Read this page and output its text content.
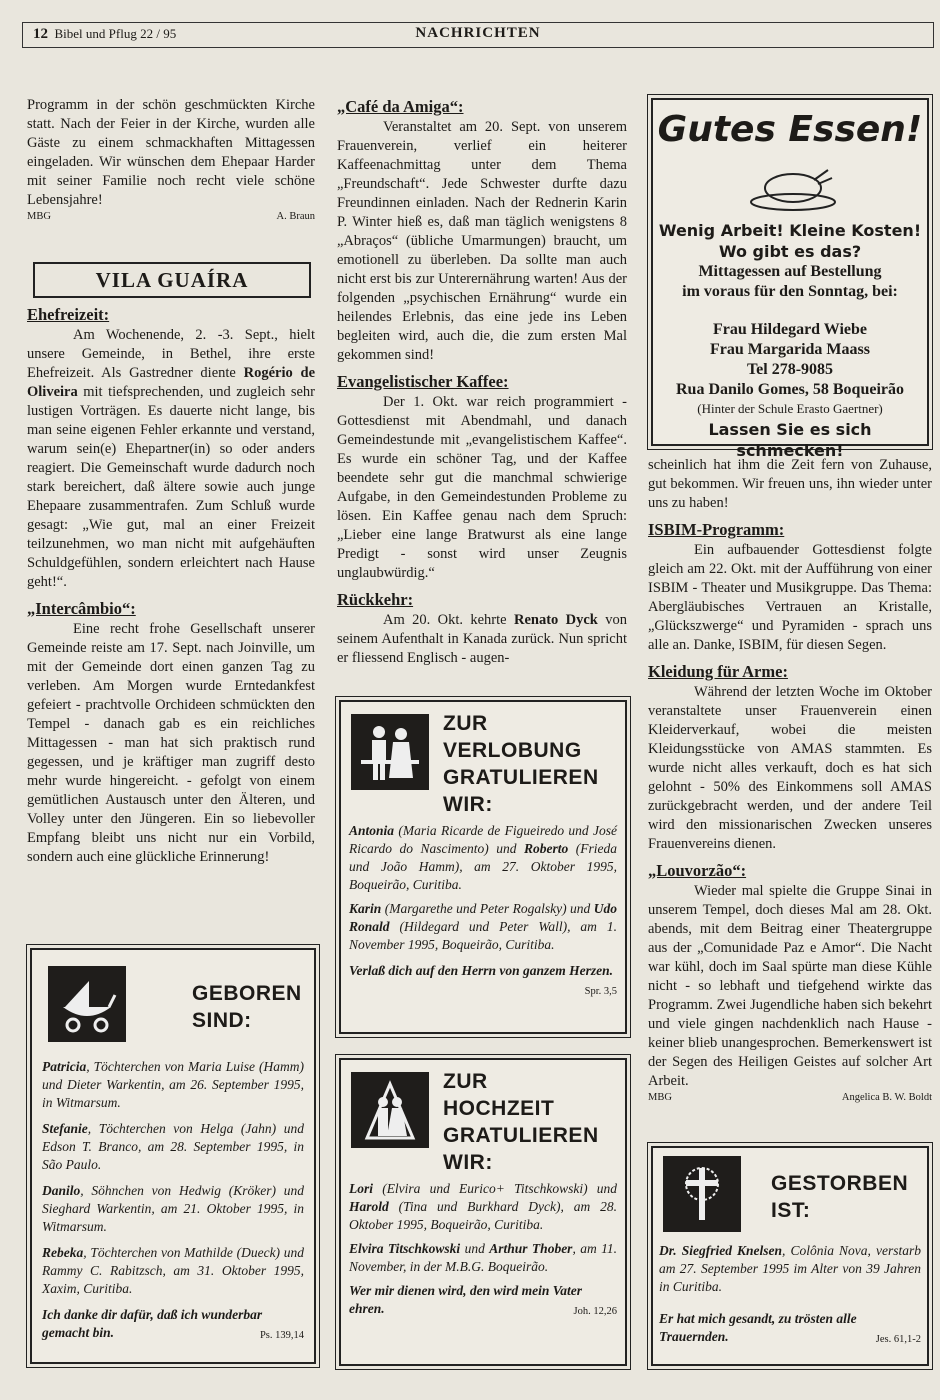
12 Bibel und Pflug 22 / 95	NACHRICHTEN

Programm in der schön geschmückten Kirche statt. Nach der Feier in der Kirche, wurden alle Gäste zu einem schmackhaften Mittagessen eingeladen. Wir wünschen dem Ehepaar Harder mit seiner Familie noch recht viele schöne Lebensjahre!

MBG	A. Braun
VILA GUAÍRA
Ehefreizeit:

Am Wochenende, 2. -3. Sept., hielt unsere Gemeinde, in Bethel, ihre erste Ehefreizeit. Als Gastredner diente Rogério de Oliveira mit tiefsprechenden, und zugleich sehr lustigen Vorträgen. Es dauerte nicht lange, bis man seine eigenen Fehler erkannte und verstand, warum sein(e) Ehepartner(in) so oder anders reagiert. Die Gemeinschaft wurde dadurch noch stark bereichert, daß ältere sowie auch junge Ehepaare zusammentrafen. Zum Schluß wurde gesagt: „Wie gut, mal an einer Freizeit teilzunehmen, wo man nicht mit aufgehäuften Schuldgefühlen, sondern erleichtert nach Hause geht!“.

„Intercâmbio“:

Eine recht frohe Gesellschaft unserer Gemeinde reiste am 17. Sept. nach Joinville, um mit der Gemeinde dort einen ganzen Tag zu verleben. Am Morgen wurde Erntedankfest gefeiert - prachtvolle Orchideen schmückten den Tempel - danach gab es ein reichliches Mittagessen - man hat sich praktisch rund gegessen, und je kräftiger man zugriff desto mehr wurde hingereicht. - gefolgt von einem gemütlichen Austausch unter den Älteren, und Volley unter den Jüngeren. Ein so liebevoller Empfang bleibt uns nicht nur ein Vorbild, sondern auch eine glückliche Erinnerung!

GEBOREN
SIND:

Patricia, Töchterchen von Maria Luise (Hamm) und Dieter Warkentin, am 26. September 1995, in Witmarsum.

Stefanie, Töchterchen von Helga (Jahn) und Edson T. Branco, am 28. September 1995, in São Paulo.

Danilo, Söhnchen von Hedwig (Kröker) und Sieghard Warkentin, am 21. Oktober 1995, in Witmarsum.

Rebeka, Töchterchen von Mathilde (Dueck) und Rammy C. Rabitzsch, am 31. Oktober 1995, Xaxim, Curitiba.

Ich danke dir dafür, daß ich wunderbar gemacht bin.	Ps. 139,14

„Café da Amiga“:

Veranstaltet am 20. Sept. von unserem Frauenverein, verlief ein heiterer Kaffeenachmittag unter dem Thema „Freundschaft“. Jede Schwester durfte dazu Freundinnen einladen. Nach der Rednerin Karin P. Winter hieß es, daß man täglich wenigstens 8 „Abraços“ (übliche Umarmungen) braucht, um emotionell zu überleben. Da sollte man auch nicht erst bis zur Unterernährung warten! Aus der folgenden „psychischen Ernährung“ wurde ein heilendes Erlebnis, das eine jede ins Leben begleiten wird, auch die, die zum ersten Mal gekommen sind!

Evangelistischer Kaffee:

Der 1. Okt. war reich programmiert - Gottesdienst mit Abendmahl, und danach Gemeindestunde mit „evangelistischem Kaffee“. Es wurde ein schöner Tag, und der Kaffee beendete sehr gut die manchmal schwierige Aufgabe, in den Gemeindestunden Probleme zu lösen. Ein Kaffee genau nach dem Spruch: „Lieber eine lange Bratwurst als eine lange Predigt - sonst wird unser Zeugnis unglaubwürdig.“

Rückkehr:

Am 20. Okt. kehrte Renato Dyck von seinem Aufenthalt in Kanada zurück. Nun spricht er fliessend Englisch - augen-

ZUR
VERLOBUNG
GRATULIEREN
WIR:

Antonia (Maria Ricarde de Figueiredo und José Ricardo do Nascimento) und Roberto (Frieda und João Hamm), am 27. Oktober 1995, Boqueirão, Curitiba.

Karin (Margarethe und Peter Rogalsky) und Udo Ronald (Hildegard und Peter Wall), am 1. November 1995, Boqueirão, Curitiba.

Verlaß dich auf den Herrn von ganzem Herzen.
Spr. 3,5

ZUR
HOCHZEIT
GRATULIEREN
WIR:

Lori (Elvira und Eurico+ Titschkowski) und Harold (Tina und Burkhard Dyck), am 28. Oktober 1995, Boqueirão, Curitiba.

Elvira Titschkowski und Arthur Thober, am 11. November, in der M.B.G. Boqueirão.

Wer mir dienen wird, den wird mein Vater ehren.	Joh. 12,26

Gutes Essen!
Wenig Arbeit! Kleine Kosten!
Wo gibt es das?
Mittagessen auf Bestellung
im voraus für den Sonntag, bei:
Frau Hildegard Wiebe
Frau Margarida Maass
Tel 278-9085
Rua Danilo Gomes, 58 Boqueirão
(Hinter der Schule Erasto Gaertner)
Lassen Sie es sich schmecken!

scheinlich hat ihm die Zeit fern von Zuhause, gut bekommen. Wir freuen uns, ihn wieder unter uns zu haben!

ISBIM-Programm:

Ein aufbauender Gottesdienst folgte gleich am 22. Okt. mit der Aufführung von einer ISBIM - Theater und Musikgruppe. Das Thema: Abergläubisches Vertrauen an Kristalle, „Glückszwerge“ und Pyramiden - sprach uns alle an. Danke, ISBIM, für diesen Segen.

Kleidung für Arme:

Während der letzten Woche im Oktober veranstaltete unser Frauenverein einen Kleiderverkauf, wobei die meisten Kleidungsstücke von AMAS stammten. Es wurde nicht alles verkauft, doch es hat sich gelohnt - 50% des Einkommens soll AMAS zurückgebracht werden, und der andere Teil wird den missionarischen Zwecken unseres Frauenvereins dienen.

„Louvorzão“:

Wieder mal spielte die Gruppe Sinai in unserem Tempel, doch dieses Mal am 28. Okt. abends, mit dem Beitrag einer Theatergruppe aus der „Comunidade Paz e Amor“. Die Nacht war kühl, doch im Saal spürte man diese Kühle nicht - so lebhaft und tiefgehend wirkte das Programm. Zwei Jugendliche haben sich bekehrt und viele gingen nachdenklich nach Hause - keiner blieb unangesprochen. Bemerkenswert ist der Segen des Heiligen Geistes auf solcher Art Arbeit.

MBG	Angelica B. W. Boldt
GESTORBEN
IST:

Dr. Siegfried Knelsen, Colônia Nova, verstarb am 27. September 1995 im Alter von 39 Jahren in Curitiba.

Er hat mich gesandt, zu trösten alle Trauernden.	Jes. 61,1-2
